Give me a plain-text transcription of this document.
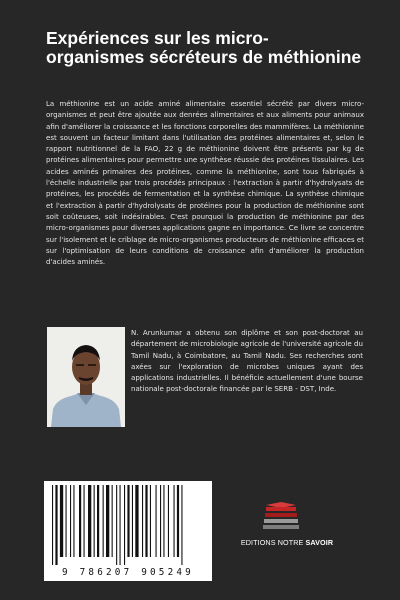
Expériences sur les micro-organismes sécréteurs de méthionine

La méthionine est un acide aminé alimentaire essentiel sécrété par divers micro-organismes et peut être ajoutée aux denrées alimentaires et aux aliments pour animaux afin d'améliorer la croissance et les fonctions corporelles des mammifères. La méthionine est souvent un facteur limitant dans l'utilisation des protéines alimentaires et, selon le rapport nutritionnel de la FAO, 22 g de méthionine doivent être présents par kg de protéines alimentaires pour permettre une synthèse réussie des protéines tissulaires. Les acides aminés primaires des protéines, comme la méthionine, sont tous fabriqués à l'échelle industrielle par trois procédés principaux : l'extraction à partir d'hydrolysats de protéines, les procédés de fermentation et la synthèse chimique. La synthèse chimique et l'extraction à partir d'hydrolysats de protéines pour la production de méthionine sont soit coûteuses, soit indésirables. C'est pourquoi la production de méthionine par des micro-organismes pour diverses applications gagne en importance. Ce livre se concentre sur l'isolement et le criblage de micro-organismes producteurs de méthionine efficaces et sur l'optimisation de leurs conditions de croissance afin d'améliorer la production d'acides aminés.

N. Arunkumar a obtenu son diplôme et son post-doctorat au département de microbiologie agricole de l'université agricole du Tamil Nadu, à Coimbatore, au Tamil Nadu. Ses recherches sont axées sur l'exploration de microbes uniques ayant des applications industrielles. Il bénéficie actuellement d'une bourse nationale post-doctorale financée par le SERB - DST, Inde.

9 786207 905249
EDITIONS NOTRE SAVOIR
